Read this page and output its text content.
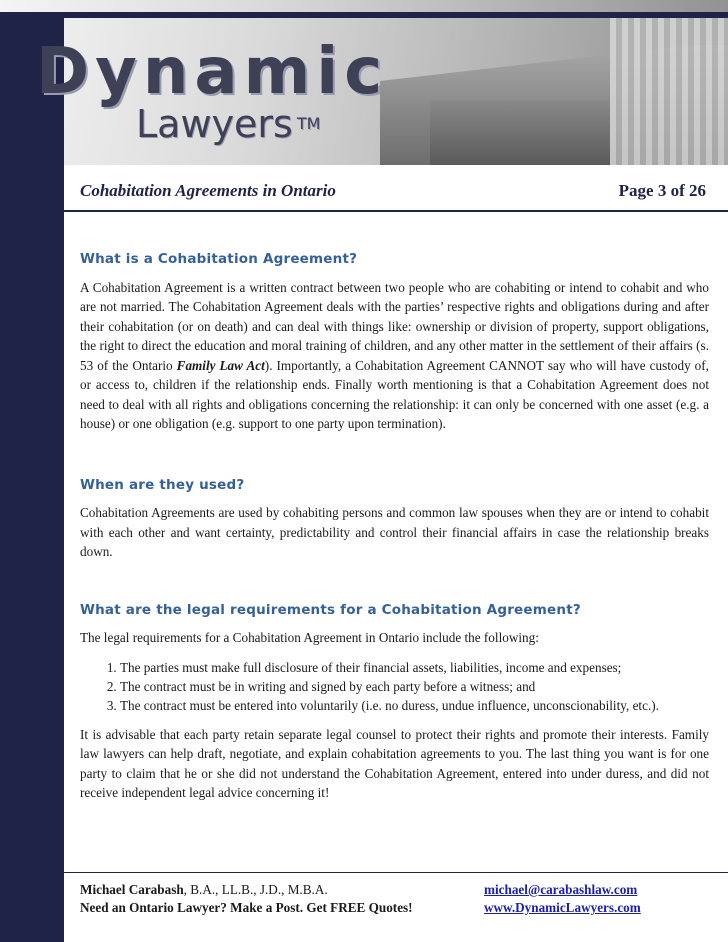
Dynamic
Lawyers ™
Cohabitation Agreements in Ontario	Page 3 of 26
What is a Cohabitation Agreement?

A Cohabitation Agreement is a written contract between two people who are cohabiting or intend to cohabit and who are not married. The Cohabitation Agreement deals with the parties’ respective rights and obligations during and after their cohabitation (or on death) and can deal with things like: ownership or division of property, support obligations, the right to direct the education and moral training of children, and any other matter in the settlement of their affairs (s. 53 of the Ontario Family Law Act). Importantly, a Cohabitation Agreement CANNOT say who will have custody of, or access to, children if the relationship ends. Finally worth mentioning is that a Cohabitation Agreement does not need to deal with all rights and obligations concerning the relationship: it can only be concerned with one asset (e.g. a house) or one obligation (e.g. support to one party upon termination).

When are they used?

Cohabitation Agreements are used by cohabiting persons and common law spouses when they are or intend to cohabit with each other and want certainty, predictability and control their financial affairs in case the relationship breaks down.

What are the legal requirements for a Cohabitation Agreement?

The legal requirements for a Cohabitation Agreement in Ontario include the following:

1. The parties must make full disclosure of their financial assets, liabilities, income and expenses;
2. The contract must be in writing and signed by each party before a witness; and
3. The contract must be entered into voluntarily (i.e. no duress, undue influence, unconscionability, etc.).

It is advisable that each party retain separate legal counsel to protect their rights and promote their interests. Family law lawyers can help draft, negotiate, and explain cohabitation agreements to you. The last thing you want is for one party to claim that he or she did not understand the Cohabitation Agreement, entered into under duress, and did not receive independent legal advice concerning it!

Michael Carabash, B.A., LL.B., J.D., M.B.A.	michael@carabashlaw.com
Need an Ontario Lawyer? Make a Post. Get FREE Quotes!	www.DynamicLawyers.com
